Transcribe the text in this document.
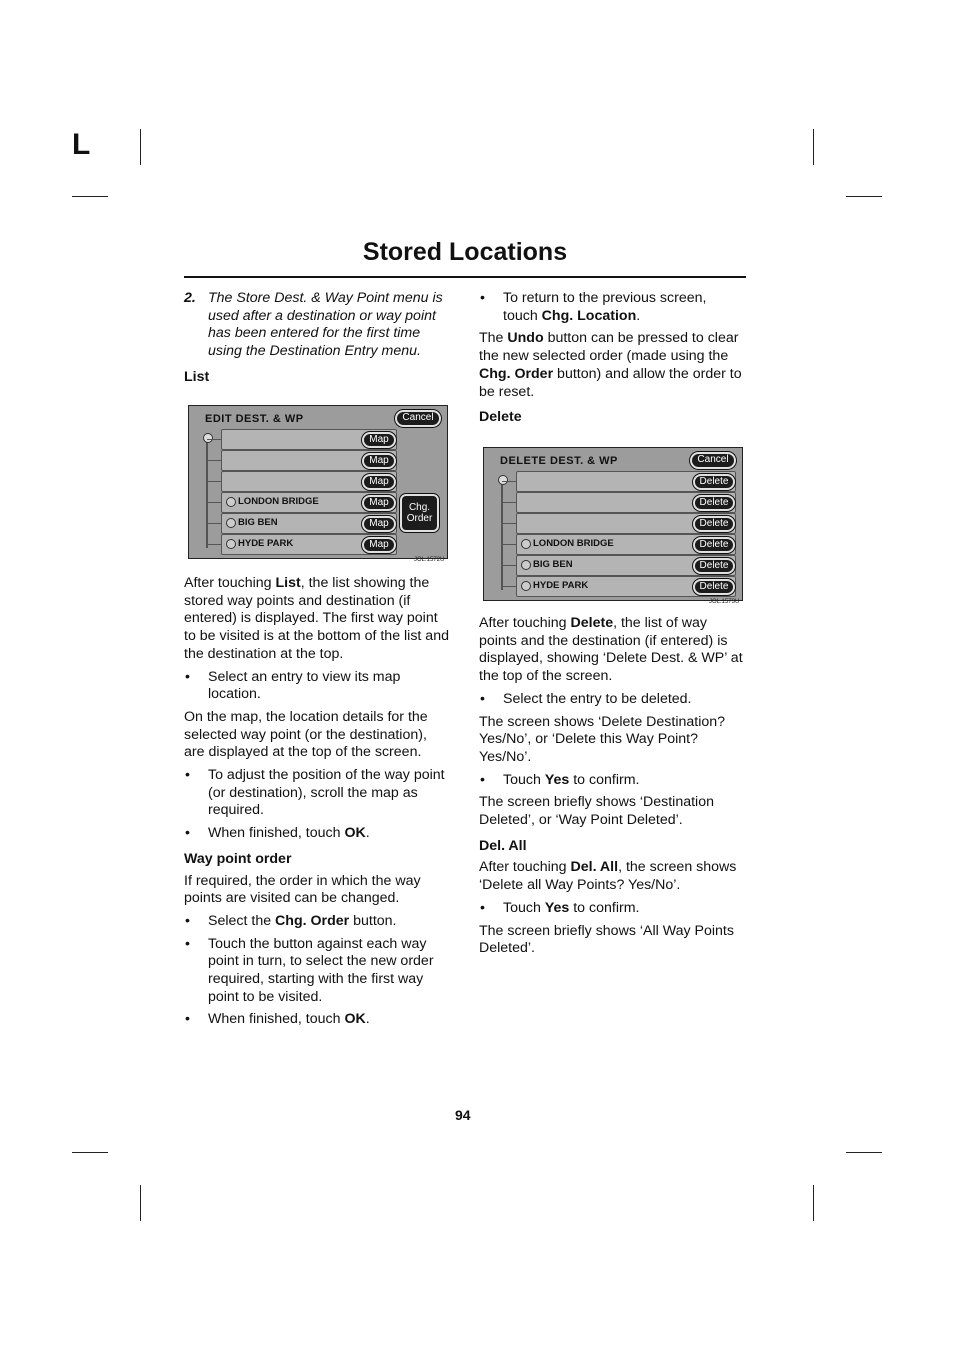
L
Stored Locations
2. The Store Dest. & Way Point menu is used after a destination or way point has been entered for the first time using the Destination Entry menu.

List

EDIT DEST. & WP	Cancel
Map
Map
Map
LONDON BRIDGE	Map
BIG BEN	Map
HYDE PARK	Map
Chg.
Order
JOL.1572U

After touching List, the list showing the stored way points and destination (if entered) is displayed. The first way point to be visited is at the bottom of the list and the destination at the top.

• Select an entry to view its map location.

On the map, the location details for the selected way point (or the destination), are displayed at the top of the screen.

• To adjust the position of the way point (or destination), scroll the map as required.
• When finished, touch OK.

Way point order

If required, the order in which the way points are visited can be changed.

• Select the Chg. Order button.
• Touch the button against each way point in turn, to select the new order required, starting with the first way point to be visited.
• When finished, touch OK.
• To return to the previous screen, touch Chg. Location.

The Undo button can be pressed to clear the new selected order (made using the Chg. Order button) and allow the order to be reset.

Delete

DELETE DEST. & WP	Cancel
Delete
Delete
Delete
LONDON BRIDGE	Delete
BIG BEN	Delete
HYDE PARK	Delete
JOL.1573U

After touching Delete, the list of way points and the destination (if entered) is displayed, showing ‘Delete Dest. & WP’ at the top of the screen.

• Select the entry to be deleted.

The screen shows ‘Delete Destination? Yes/No’, or ‘Delete this Way Point? Yes/No’.

• Touch Yes to confirm.

The screen briefly shows ‘Destination Deleted’, or ‘Way Point Deleted’.

Del. All

After touching Del. All, the screen shows ‘Delete all Way Points? Yes/No’.

• Touch Yes to confirm.

The screen briefly shows ‘All Way Points Deleted’.

94
